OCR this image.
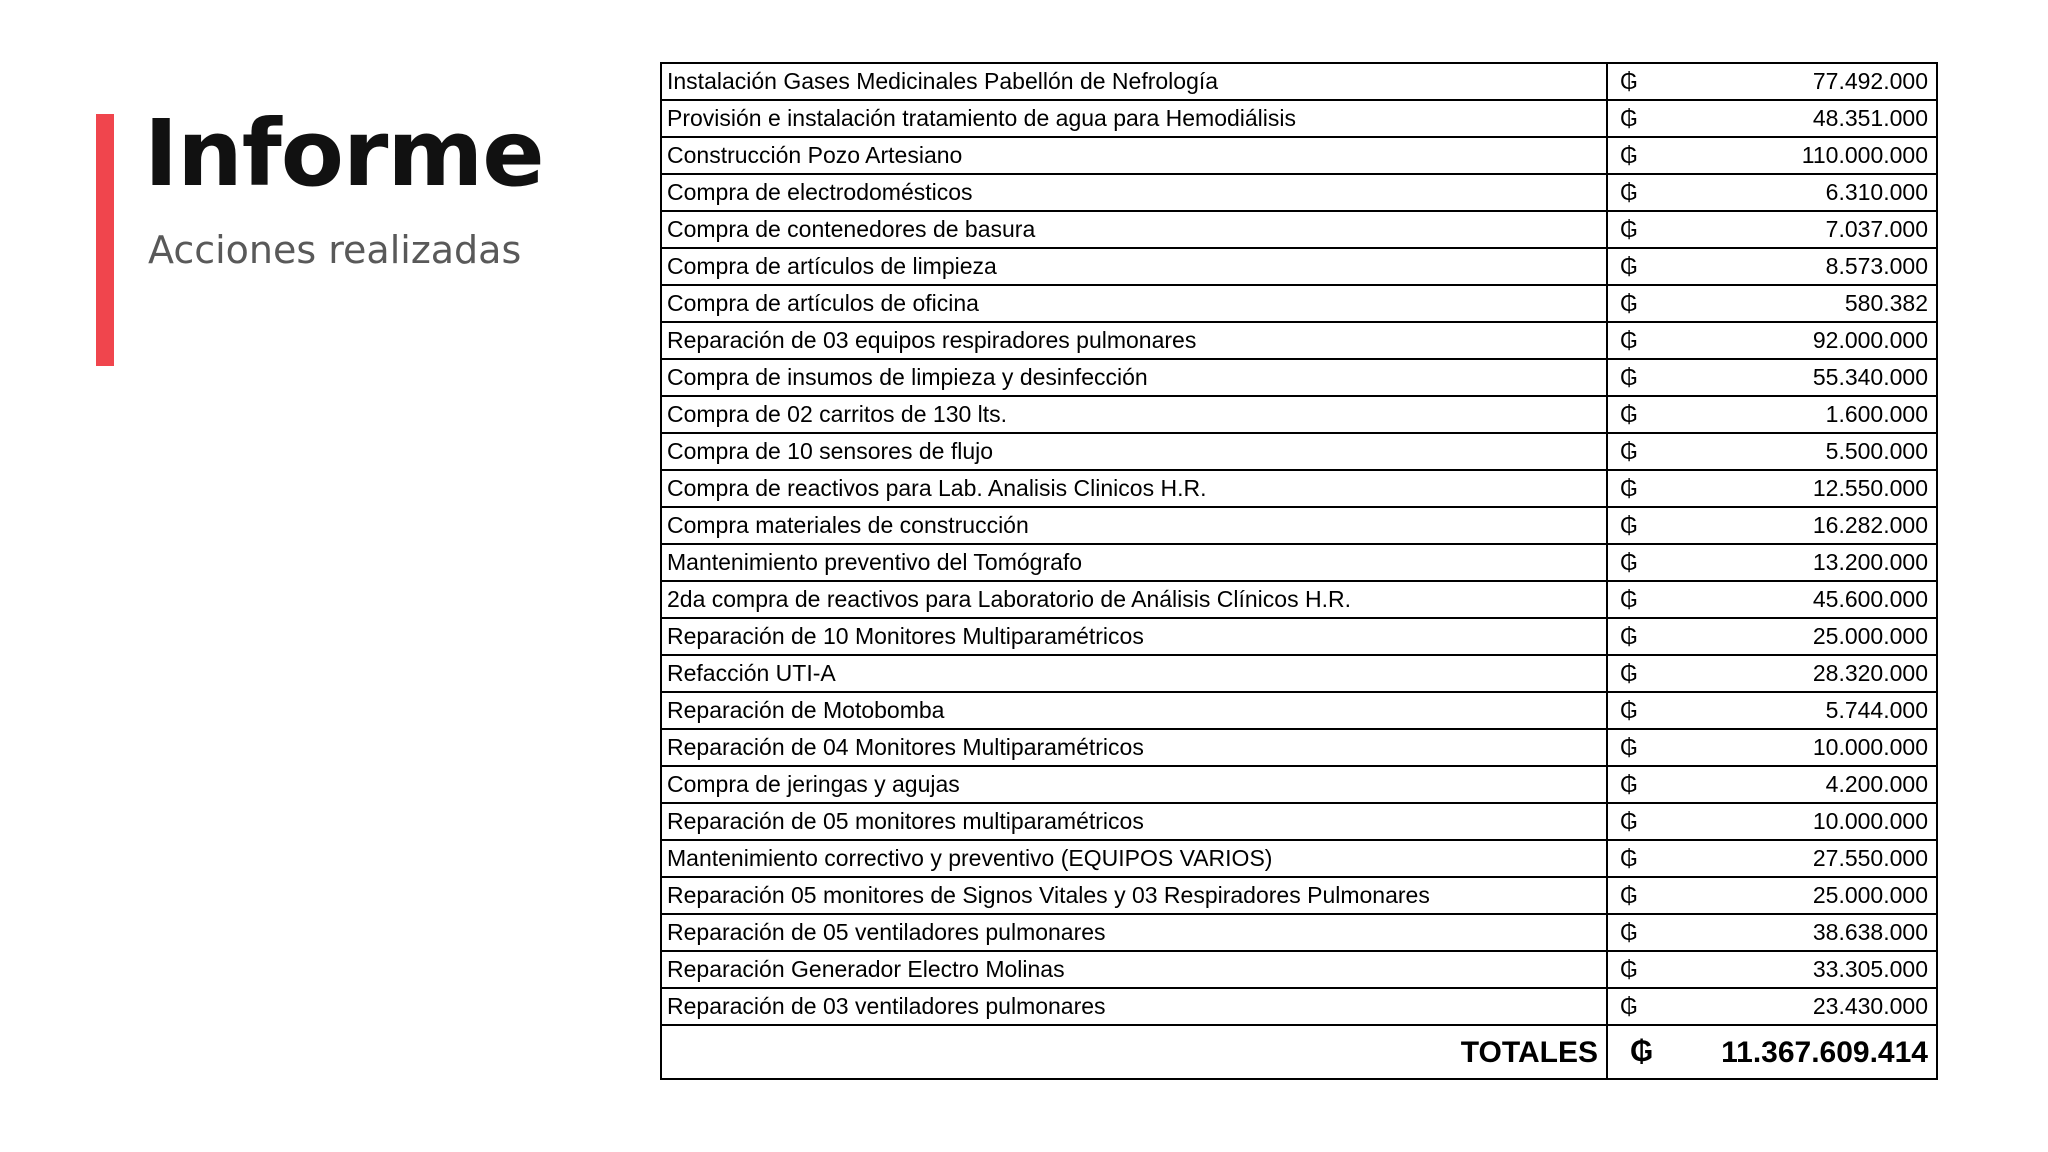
Informe
Acciones realizadas
Instalación Gases Medicinales Pabellón de Nefrología	₲ 77.492.000
Provisión e instalación tratamiento de agua para Hemodiálisis	₲ 48.351.000
Construcción Pozo Artesiano	₲ 110.000.000
Compra de electrodomésticos	₲ 6.310.000
Compra de contenedores de basura	₲ 7.037.000
Compra de artículos de limpieza	₲ 8.573.000
Compra de artículos de oficina	₲ 580.382
Reparación de 03 equipos respiradores pulmonares	₲ 92.000.000
Compra de insumos de limpieza y desinfección	₲ 55.340.000
Compra de 02 carritos de 130 lts.	₲ 1.600.000
Compra de 10 sensores de flujo	₲ 5.500.000
Compra de reactivos para Lab. Analisis Clinicos H.R.	₲ 12.550.000
Compra materiales de construcción	₲ 16.282.000
Mantenimiento preventivo del Tomógrafo	₲ 13.200.000
2da compra de reactivos para Laboratorio de Análisis Clínicos H.R.	₲ 45.600.000
Reparación de 10 Monitores Multiparamétricos	₲ 25.000.000
Refacción UTI-A	₲ 28.320.000
Reparación de Motobomba	₲ 5.744.000
Reparación de 04 Monitores Multiparamétricos	₲ 10.000.000
Compra de jeringas y agujas	₲ 4.200.000
Reparación de 05 monitores multiparamétricos	₲ 10.000.000
Mantenimiento correctivo y preventivo (EQUIPOS VARIOS)	₲ 27.550.000
Reparación 05 monitores de Signos Vitales y 03 Respiradores Pulmonares	₲ 25.000.000
Reparación de 05 ventiladores pulmonares	₲ 38.638.000
Reparación Generador Electro Molinas	₲ 33.305.000
Reparación de 03 ventiladores pulmonares	₲ 23.430.000
TOTALES	₲ 11.367.609.414
